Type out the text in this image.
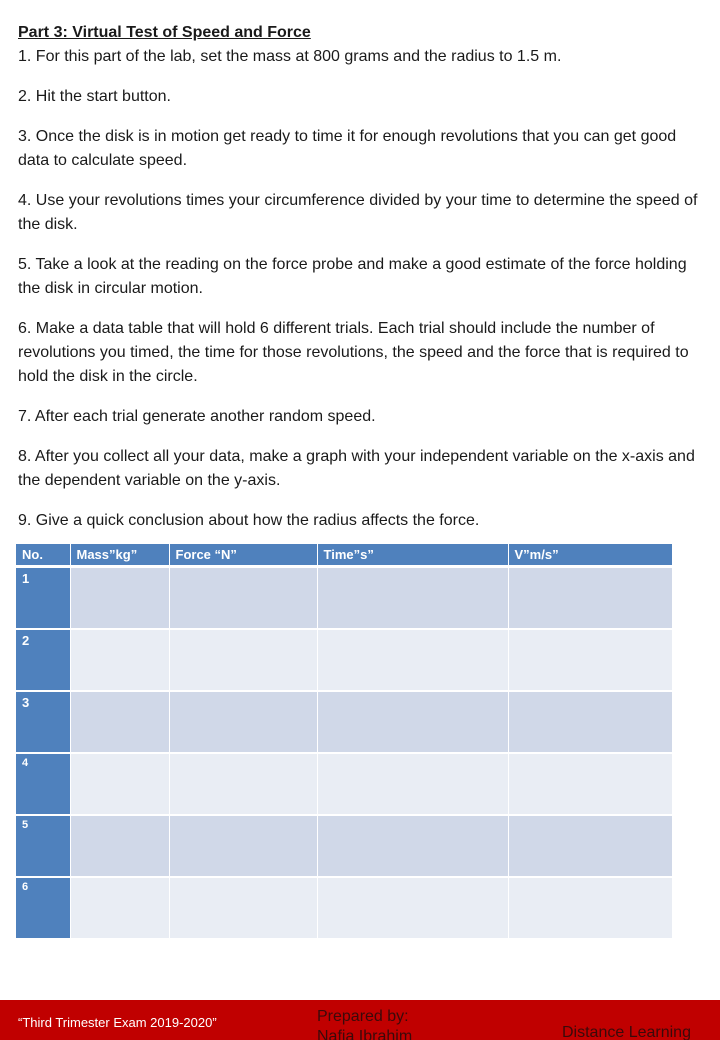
Part 3: Virtual Test of Speed and Force

1. For this part of the lab, set the mass at 800 grams and the radius to 1.5 m.

2. Hit the start button.

3. Once the disk is in motion get ready to time it for enough revolutions that you can get good data to calculate speed.

4. Use your revolutions times your circumference divided by your time to determine the speed of the disk.

5. Take a look at the reading on the force probe and make a good estimate of the force holding the disk in circular motion.

6. Make a data table that will hold 6 different trials. Each trial should include the number of revolutions you timed, the time for those revolutions, the speed and the force that is required to hold the disk in the circle.

7. After each trial generate another random speed.

8. After you collect all your data, make a graph with your independent variable on the x-axis and the dependent variable on the y-axis.

9. Give a quick conclusion about how the radius affects the force.

No.	Mass”kg”	Force “N”	Time”s”	V”m/s”
1				
2				
3				
4				
5				
6				
“Third Trimester Exam 2019-2020”	Prepared by:
Nafia Ibrahim	Distance Learning
